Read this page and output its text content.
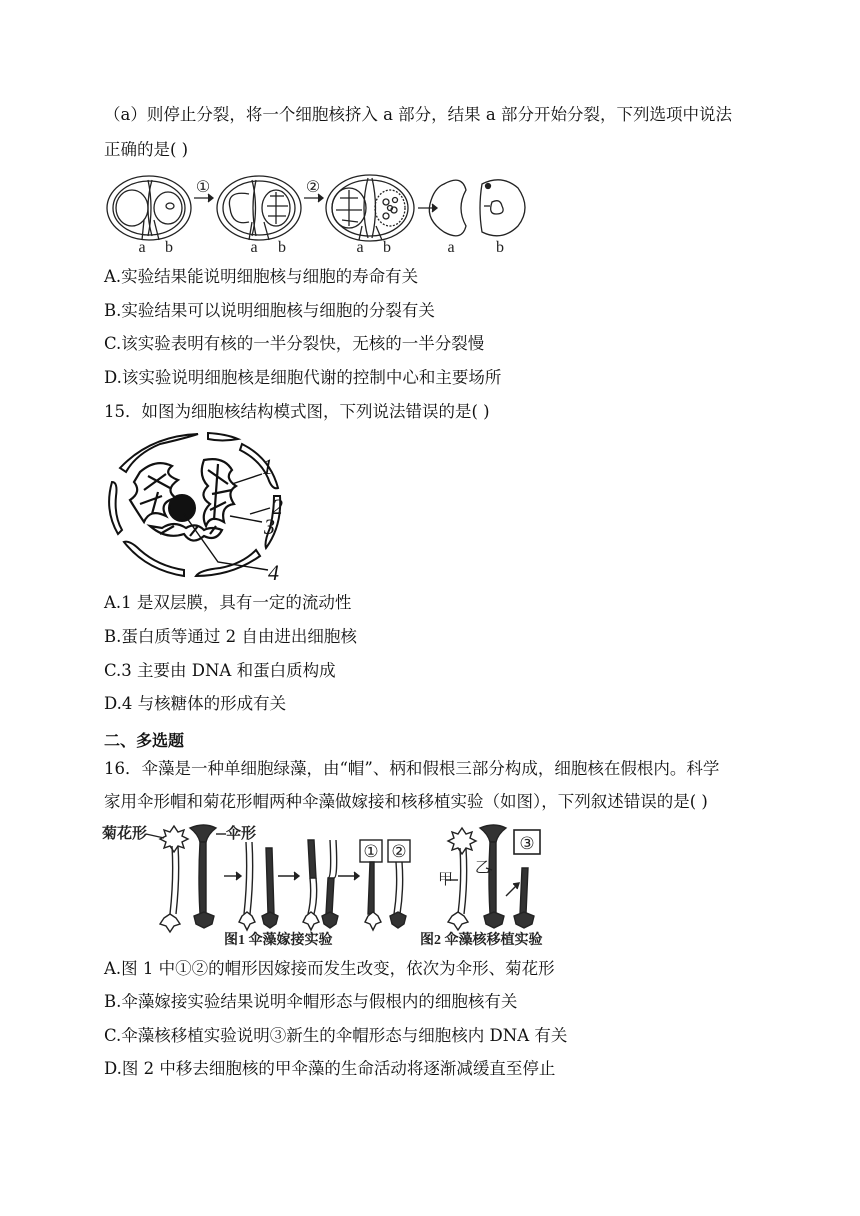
（a）则停止分裂，将一个细胞核挤入 a 部分，结果 a 部分开始分裂，下列选项中说法
正确的是( )
①	②
a b	a b	a b	a	b
A.实验结果能说明细胞核与细胞的寿命有关
B.实验结果可以说明细胞核与细胞的分裂有关
C.该实验表明有核的一半分裂快，无核的一半分裂慢
D.该实验说明细胞核是细胞代谢的控制中心和主要场所
15．如图为细胞核结构模式图，下列说法错误的是( )
1
2
3
4
A.1 是双层膜，具有一定的流动性
B.蛋白质等通过 2 自由进出细胞核
C.3 主要由 DNA 和蛋白质构成
D.4 与核糖体的形成有关
二、多选题
16．伞藻是一种单细胞绿藻，由“帽”、柄和假根三部分构成，细胞核在假根内。科学
家用伞形帽和菊花形帽两种伞藻做嫁接和核移植实验（如图），下列叙述错误的是( )
菊花形	伞形
甲
乙
① ②	③
图1 伞藻嫁接实验	图2 伞藻核移植实验
A.图 1 中①②的帽形因嫁接而发生改变，依次为伞形、菊花形
B.伞藻嫁接实验结果说明伞帽形态与假根内的细胞核有关
C.伞藻核移植实验说明③新生的伞帽形态与细胞核内 DNA 有关
D.图 2 中移去细胞核的甲伞藻的生命活动将逐渐减缓直至停止
